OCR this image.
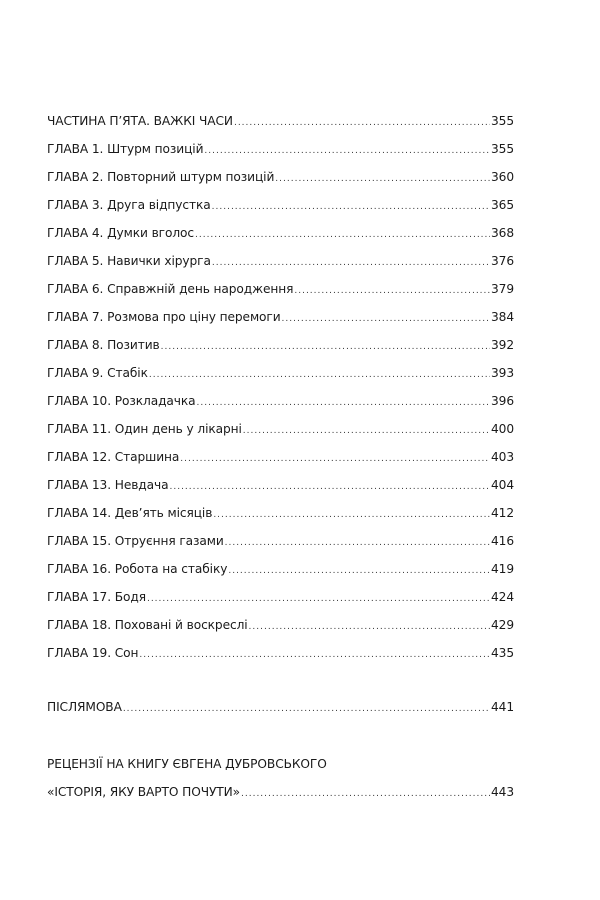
ЧАСТИНА П’ЯТА. ВАЖКІ ЧАСИ .....	355
ГЛАВА 1. Штурм позицій .....	355
ГЛАВА 2. Повторний штурм позицій .....	360
ГЛАВА 3. Друга відпустка .....	365
ГЛАВА 4. Думки вголос .....	368
ГЛАВА 5. Навички хірурга .....	376
ГЛАВА 6. Справжній день народження .....	379
ГЛАВА 7. Розмова про ціну перемоги .....	384
ГЛАВА 8. Позитив .....	392
ГЛАВА 9. Стабік .....	393
ГЛАВА 10. Розкладачка .....	396
ГЛАВА 11. Один день у лікарні .....	400
ГЛАВА 12. Старшина .....	403
ГЛАВА 13. Невдача .....	404
ГЛАВА 14. Дев’ять місяців .....	412
ГЛАВА 15. Отруєння газами .....	416
ГЛАВА 16. Робота на стабіку .....	419
ГЛАВА 17. Бодя .....	424
ГЛАВА 18. Поховані й воскреслі .....	429
ГЛАВА 19. Сон .....	435
ПІСЛЯМОВА .....	441
РЕЦЕНЗІЇ НА КНИГУ ЄВГЕНА ДУБРОВСЬКОГО
«ІСТОРІЯ, ЯКУ ВАРТО ПОЧУТИ» .....	443
